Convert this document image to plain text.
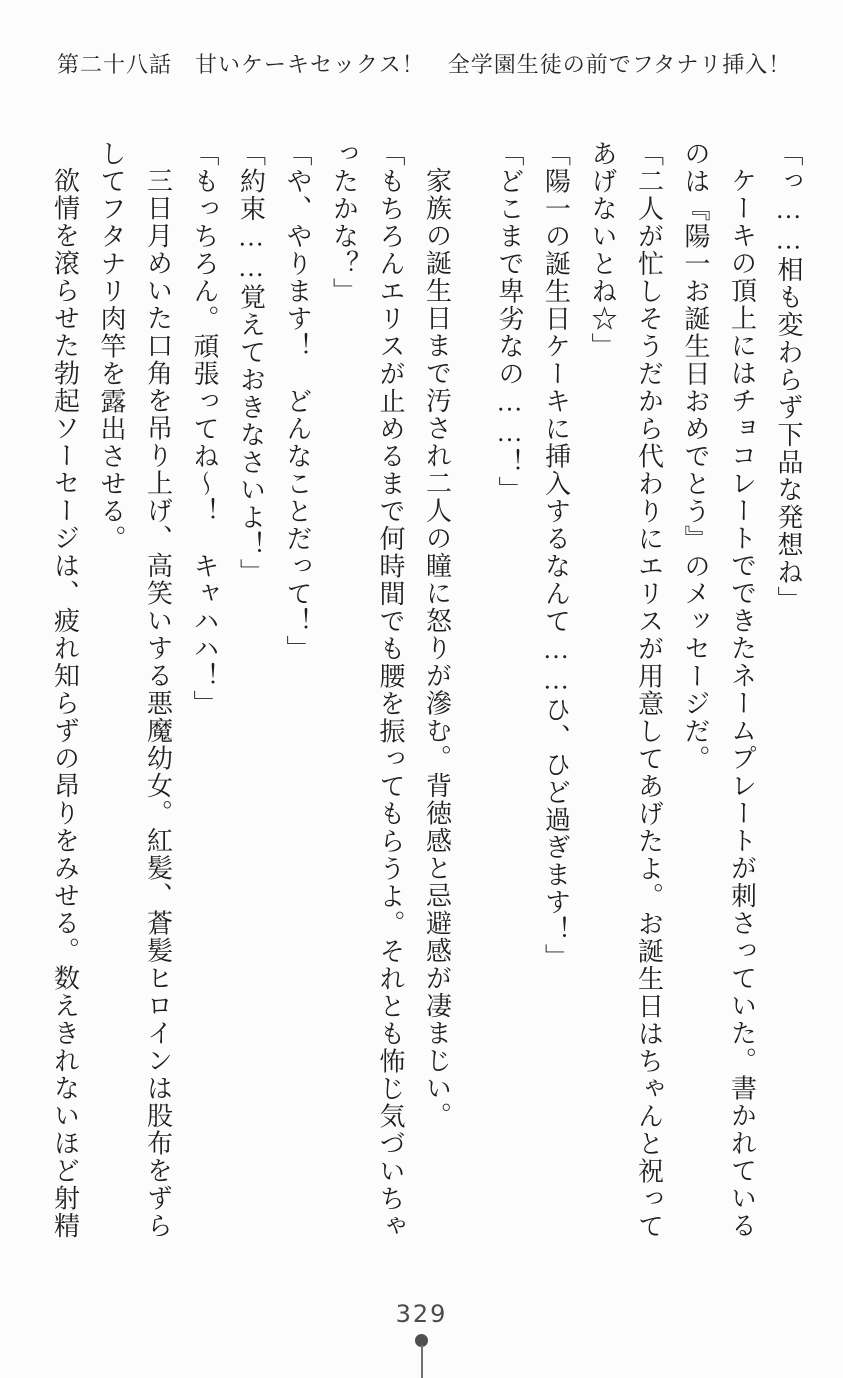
第二十八話　甘いケーキセックス！　全学園生徒の前でフタナリ挿入！

「っ……相も変わらず下品な発想ね」

ケーキの頂上にはチョコレートでできたネームプレートが刺さっていた。書かれている

のは『陽一お誕生日おめでとう』のメッセージだ。

「二人が忙しそうだから代わりにエリスが用意してあげたよ。お誕生日はちゃんと祝って

あげないとね☆」

「陽一の誕生日ケーキに挿入するなんて……ひ、ひど過ぎます！」

「どこまで卑劣なの……！」

家族の誕生日まで汚され二人の瞳に怒りが滲む。背徳感と忌避感が凄まじい。

「もちろんエリスが止めるまで何時間でも腰を振ってもらうよ。それとも怖じ気づいちゃ

ったかな？」

「や、やります！　どんなことだって！」

「約束……覚えておきなさいよ！」

「もっちろん。頑張ってね〜！　キャハハ！」

三日月めいた口角を吊り上げ、高笑いする悪魔幼女。紅髪、蒼髪ヒロインは股布をずら

してフタナリ肉竿を露出させる。

欲情を滾らせた勃起ソーセージは、疲れ知らずの昂りをみせる。数えきれないほど射精

329
